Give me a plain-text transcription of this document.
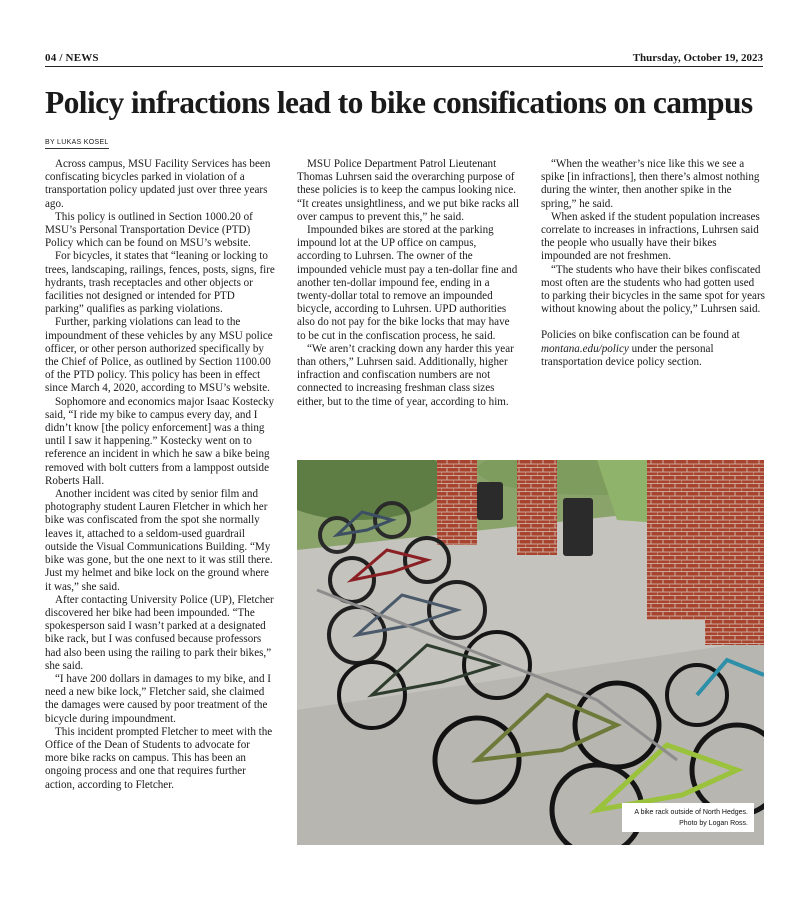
04 / NEWS	Thursday, October 19, 2023
Policy infractions lead to bike consifications on campus
BY LUKAS KOSEL

Across campus, MSU Facility Services has been confiscating bicycles parked in violation of a transportation policy updated just over three years ago.

This policy is outlined in Section 1000.20 of MSU’s Personal Transportation Device (PTD) Policy which can be found on MSU’s website.

For bicycles, it states that “leaning or locking to trees, landscaping, railings, fences, posts, signs, fire hydrants, trash receptacles and other objects or facilities not designed or intended for PTD parking” qualifies as parking violations.

Further, parking violations can lead to the impoundment of these vehicles by any MSU police officer, or other person authorized specifically by the Chief of Police, as outlined by Section 1100.00 of the PTD policy. This policy has been in effect since March 4, 2020, according to MSU’s website.

Sophomore and economics major Isaac Kostecky said, “I ride my bike to campus every day, and I didn’t know [the policy enforcement] was a thing until I saw it happening.” Kostecky went on to reference an incident in which he saw a bike being removed with bolt cutters from a lamppost outside Roberts Hall.

Another incident was cited by senior film and photography student Lauren Fletcher in which her bike was confiscated from the spot she normally leaves it, attached to a seldom-used guardrail outside the Visual Communications Building. “My bike was gone, but the one next to it was still there. Just my helmet and bike lock on the ground where it was,” she said.

After contacting University Police (UP), Fletcher discovered her bike had been impounded. “The spokesperson said I wasn’t parked at a designated bike rack, but I was confused because professors had also been using the railing to park their bikes,” she said.

“I have 200 dollars in damages to my bike, and I need a new bike lock,” Fletcher said, she claimed the damages were caused by poor treatment of the bicycle during impoundment.

This incident prompted Fletcher to meet with the Office of the Dean of Students to advocate for more bike racks on campus. This has been an ongoing process and one that requires further action, according to Fletcher.

MSU Police Department Patrol Lieutenant Thomas Luhrsen said the overarching purpose of these policies is to keep the campus looking nice. “It creates unsightliness, and we put bike racks all over campus to prevent this,” he said.

Impounded bikes are stored at the parking impound lot at the UP office on campus, according to Luhrsen. The owner of the impounded vehicle must pay a ten-dollar fine and another ten-dollar impound fee, ending in a twenty-dollar total to remove an impounded bicycle, according to Luhrsen. UPD authorities also do not pay for the bike locks that may have to be cut in the confiscation process, he said.

“We aren’t cracking down any harder this year than others,” Luhrsen said. Additionally, higher infraction and confiscation numbers are not connected to increasing freshman class sizes either, but to the time of year, according to him.

“When the weather’s nice like this we see a spike [in infractions], then there’s almost nothing during the winter, then another spike in the spring,” he said.

When asked if the student population increases correlate to increases in infractions, Luhrsen said the people who usually have their bikes impounded are not freshmen.

“The students who have their bikes confiscated most often are the students who had gotten used to parking their bicycles in the same spot for years without knowing about the policy,” Luhrsen said.

Policies on bike confiscation can be found at montana.edu/policy under the personal transportation device policy section.

A bike rack outside of North Hedges.
Photo by Logan Ross.
